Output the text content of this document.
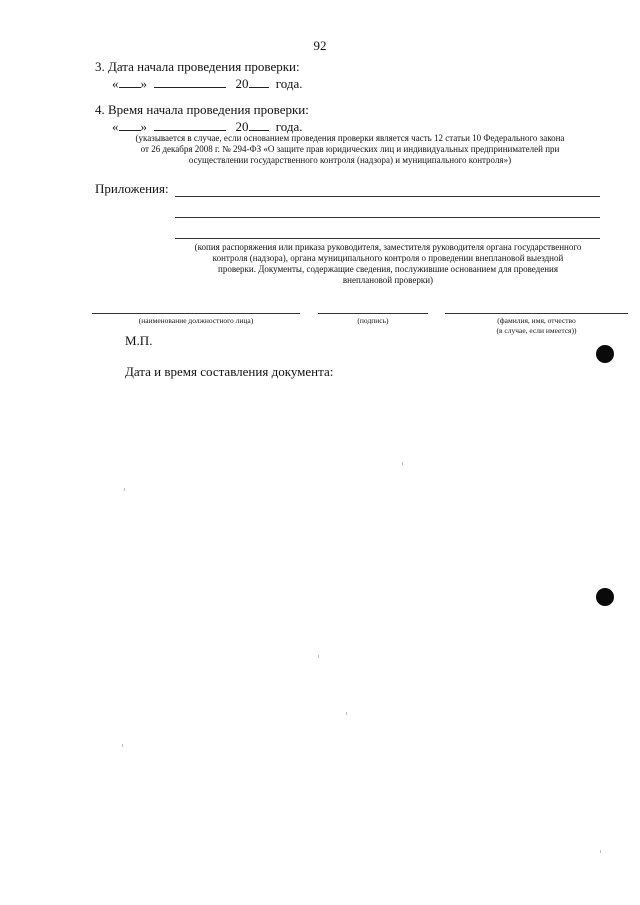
92
3. Дата начала проведения проверки:
« »	20 года.
4. Время начала проведения проверки:
« »	20 года.
(указывается в случае, если основанием проведения проверки является часть 12 статьи 10 Федерального закона
от 26 декабря 2008 г. № 294-ФЗ «О защите прав юридических лиц и индивидуальных предпринимателей при
осуществлении государственного контроля (надзора) и муниципального контроля»)
Приложения:
(копия распоряжения или приказа руководителя, заместителя руководителя органа государственного
контроля (надзора), органа муниципального контроля о проведении внеплановой выездной
проверки. Документы, содержащие сведения, послужившие основанием для проведения
внеплановой проверки)
(наименование должностного лица)	(подпись)	(фамилия, имя, отчество
(в случае, если имеется))
М.П.
Дата и время составления документа:
